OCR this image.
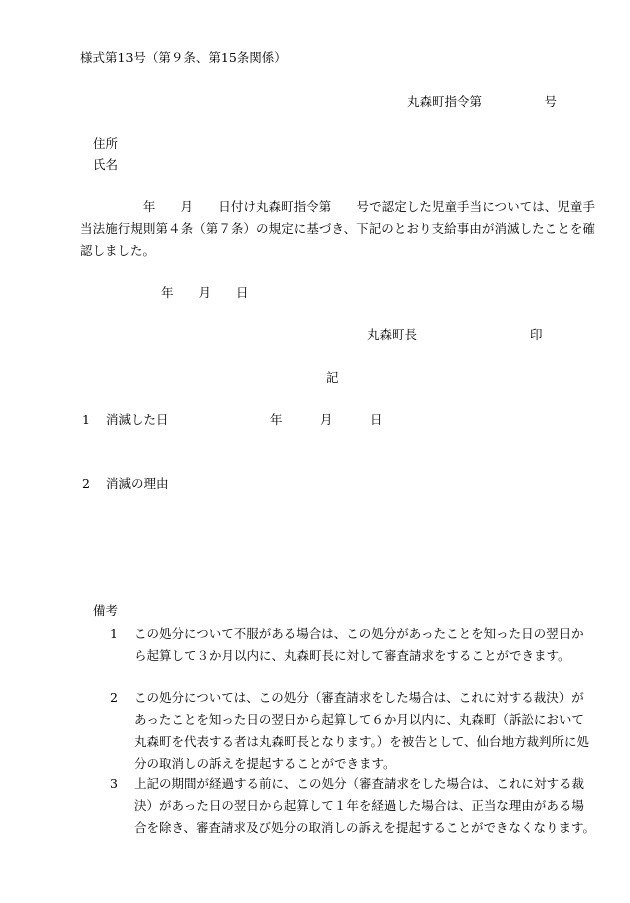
様式第13号（第９条、第15条関係）
丸森町指令第　　　　　号
住所
氏名
　　　　　年　　月　　日付け丸森町指令第　　号で認定した児童手当については、児童手当法施行規則第４条（第７条）の規定に基づき、下記のとおり支給事由が消滅したことを確認しました。
年　　月　　日
丸森町長	印
記
1 消滅した日	年　　　月　　　日
2 消滅の理由
備考
1	この処分について不服がある場合は、この処分があったことを知った日の翌日から起算して３か月以内に、丸森町長に対して審査請求をすることができます。
2	この処分については、この処分（審査請求をした場合は、これに対する裁決）があったことを知った日の翌日から起算して６か月以内に、丸森町（訴訟において丸森町を代表する者は丸森町長となります。）を被告として、仙台地方裁判所に処分の取消しの訴えを提起することができます。
3	上記の期間が経過する前に、この処分（審査請求をした場合は、これに対する裁決）があった日の翌日から起算して１年を経過した場合は、正当な理由がある場合を除き、審査請求及び処分の取消しの訴えを提起することができなくなります。
